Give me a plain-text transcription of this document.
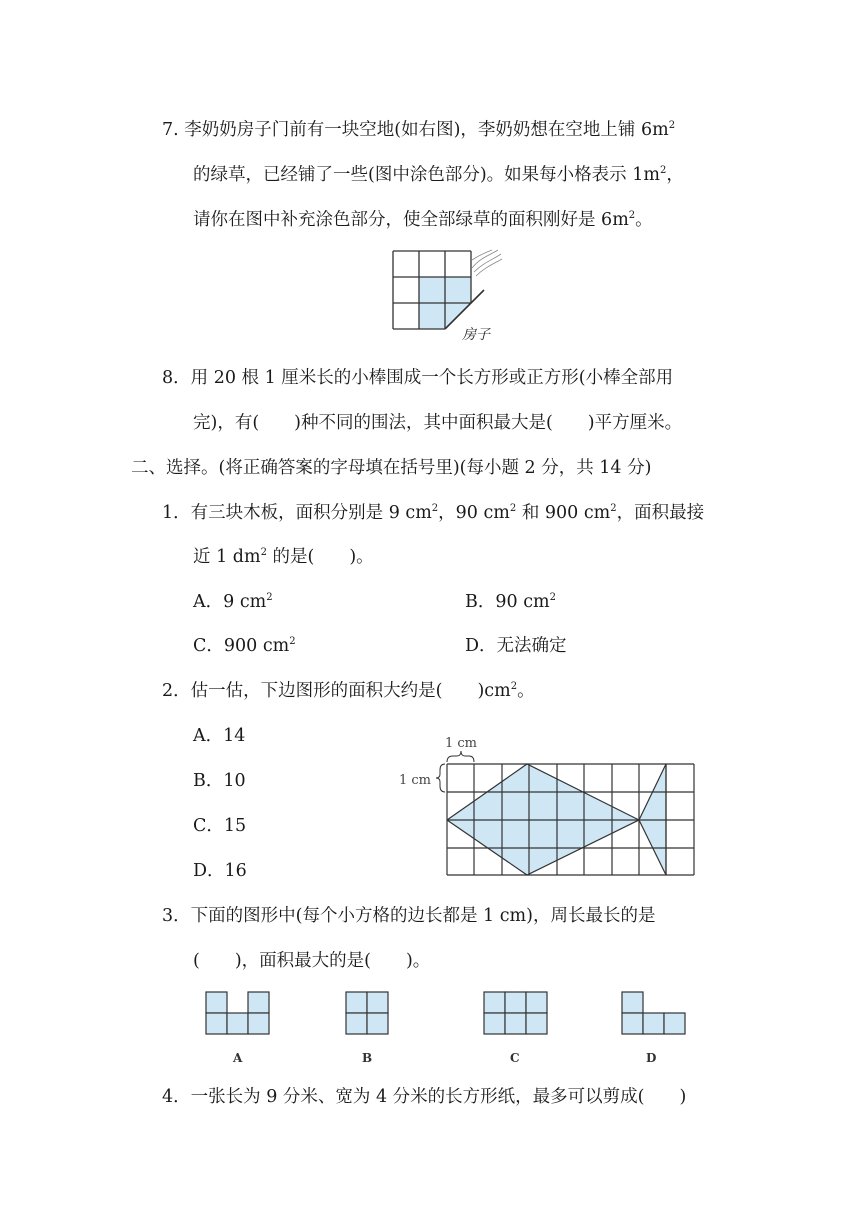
7. 李奶奶房子门前有一块空地(如右图)，李奶奶想在空地上铺 $6m^2$
的绿草，已经铺了一些(图中涂色部分)。如果每小格表示 $1m^2$，
请你在图中补充涂色部分，使全部绿草的面积刚好是 $6m^2$。
房子
8．用 20 根 1 厘米长的小棒围成一个长方形或正方形(小棒全部用
完)，有(　　)种不同的围法，其中面积最大是(　　)平方厘米。
二、选择。(将正确答案的字母填在括号里)(每小题 2 分，共 14 分)
1．有三块木板，面积分别是 9 $cm^2$，90 $cm^2$ 和 900 $cm^2$，面积最接
近 1 $dm^2$ 的是(　　)。
A．9 $cm^2$	B．90 $cm^2$
C．900 $cm^2$	D．无法确定
2．估一估，下边图形的面积大约是(　　)$cm^2$。
A．14
B．10
C．15
D．16
1 cm
1 cm
3．下面的图形中(每个小方格的边长都是 1 cm)，周长最长的是
(　　)，面积最大的是(　　)。
A	B	C	D
4．一张长为 9 分米、宽为 4 分米的长方形纸，最多可以剪成(　　)
